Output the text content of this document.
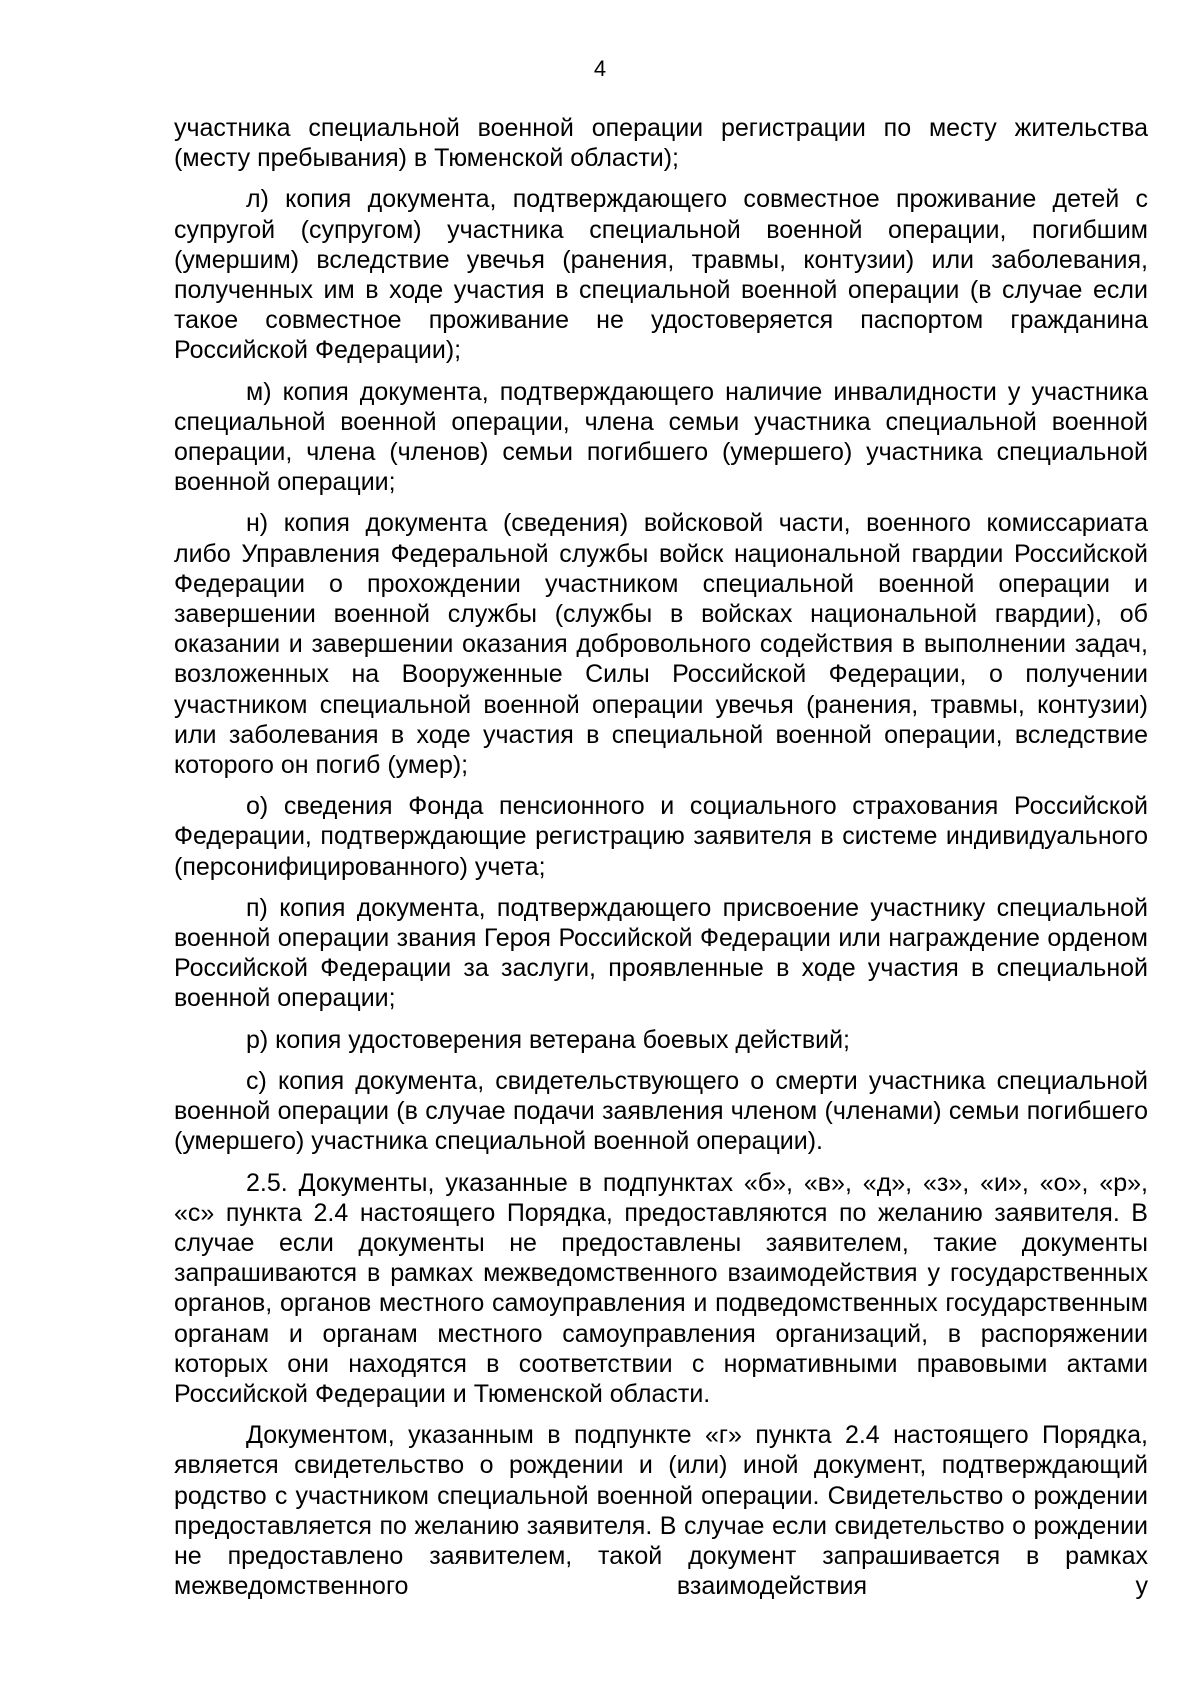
4

участника специальной военной операции регистрации по месту жительства (месту пребывания) в Тюменской области);

л) копия документа, подтверждающего совместное проживание детей с супругой (супругом) участника специальной военной операции, погибшим (умершим) вследствие увечья (ранения, травмы, контузии) или заболевания, полученных им в ходе участия в специальной военной операции (в случае если такое совместное проживание не удостоверяется паспортом гражданина Российской Федерации);

м) копия документа, подтверждающего наличие инвалидности у участника специальной военной операции, члена семьи участника специальной военной операции, члена (членов) семьи погибшего (умершего) участника специальной военной операции;

н) копия документа (сведения) войсковой части, военного комиссариата либо Управления Федеральной службы войск национальной гвардии Российской Федерации о прохождении участником специальной военной операции и завершении военной службы (службы в войсках национальной гвардии), об оказании и завершении оказания добровольного содействия в выполнении задач, возложенных на Вооруженные Силы Российской Федерации, о получении участником специальной военной операции увечья (ранения, травмы, контузии) или заболевания в ходе участия в специальной военной операции, вследствие которого он погиб (умер);

о) сведения Фонда пенсионного и социального страхования Российской Федерации, подтверждающие регистрацию заявителя в системе индивидуального (персонифицированного) учета;

п) копия документа, подтверждающего присвоение участнику специальной военной операции звания Героя Российской Федерации или награждение орденом Российской Федерации за заслуги, проявленные в ходе участия в специальной военной операции;

р) копия удостоверения ветерана боевых действий;

с) копия документа, свидетельствующего о смерти участника специальной военной операции (в случае подачи заявления членом (членами) семьи погибшего (умершего) участника специальной военной операции).

2.5. Документы, указанные в подпунктах «б», «в», «д», «з», «и», «о», «р», «с» пункта 2.4 настоящего Порядка, предоставляются по желанию заявителя. В случае если документы не предоставлены заявителем, такие документы запрашиваются в рамках межведомственного взаимодействия у государственных органов, органов местного самоуправления и подведомственных государственным органам и органам местного самоуправления организаций, в распоряжении которых они находятся в соответствии с нормативными правовыми актами Российской Федерации и Тюменской области.

Документом, указанным в подпункте «г» пункта 2.4 настоящего Порядка, является свидетельство о рождении и (или) иной документ, подтверждающий родство с участником специальной военной операции. Свидетельство о рождении предоставляется по желанию заявителя. В случае если свидетельство о рождении не предоставлено заявителем, такой документ запрашивается в рамках межведомственного взаимодействия у
